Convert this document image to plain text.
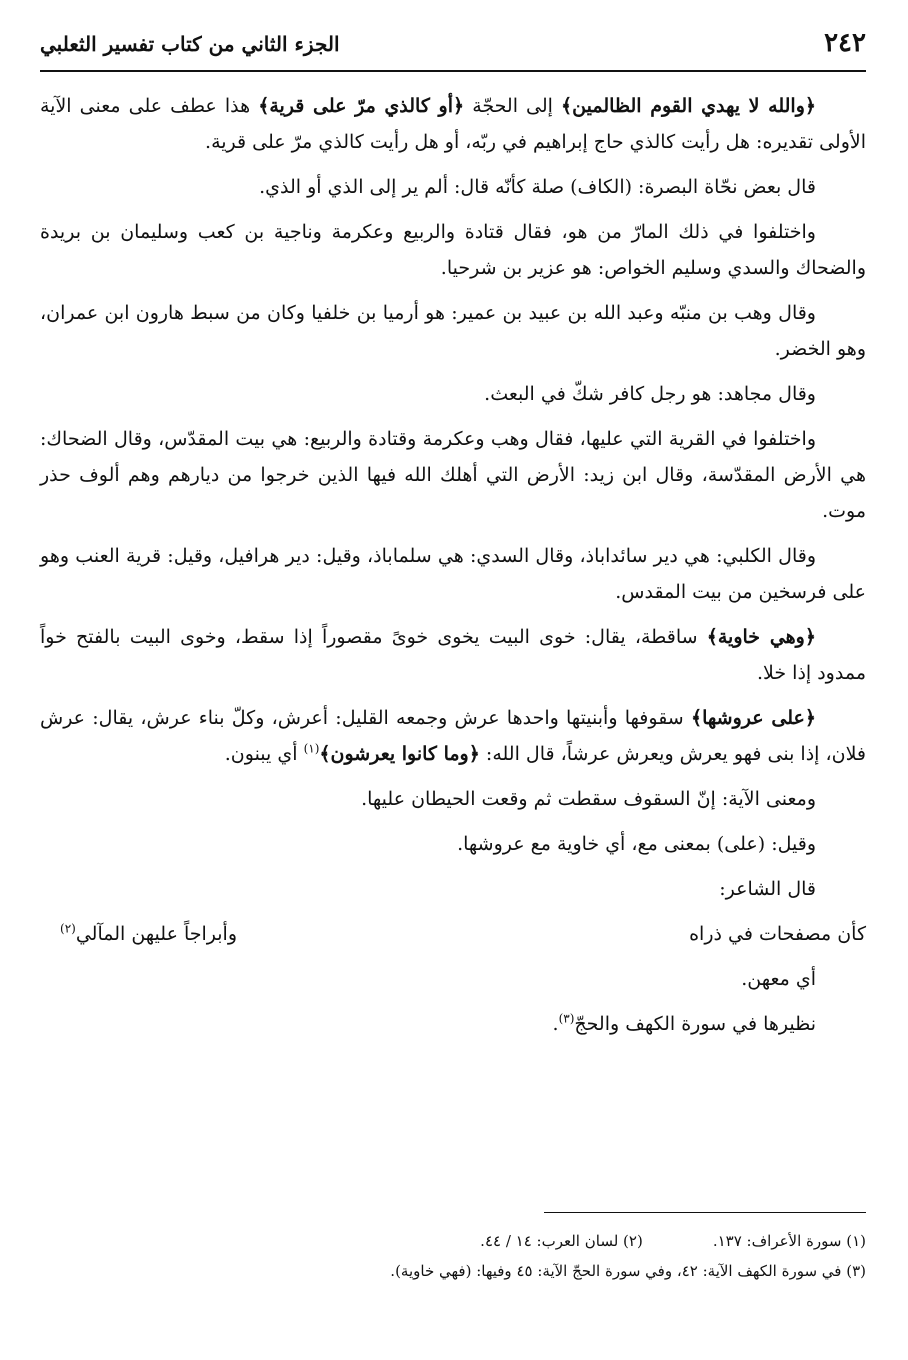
٢٤٢
الجزء الثاني من كتاب تفسير الثعلبي

﴿والله لا يهدي القوم الظالمين﴾ إلى الحجّة ﴿أو كالذي مرّ على قرية﴾ هذا عطف على معنى الآية الأولى تقديره: هل رأيت كالذي حاج إبراهيم في ربّه، أو هل رأيت كالذي مرّ على قرية.

قال بعض نحّاة البصرة: (الكاف) صلة كأنّه قال: ألم ير إلى الذي أو الذي.

واختلفوا في ذلك المارّ من هو، فقال قتادة والربيع وعكرمة وناجية بن كعب وسليمان بن بريدة والضحاك والسدي وسليم الخواص: هو عزير بن شرحيا.

وقال وهب بن منبّه وعبد الله بن عبيد بن عمير: هو أرميا بن خلفيا وكان من سبط هارون ابن عمران، وهو الخضر.

وقال مجاهد: هو رجل كافر شكّ في البعث.

واختلفوا في القرية التي عليها، فقال وهب وعكرمة وقتادة والربيع: هي بيت المقدّس، وقال الضحاك: هي الأرض المقدّسة، وقال ابن زيد: الأرض التي أهلك الله فيها الذين خرجوا من ديارهم وهم ألوف حذر موت.

وقال الكلبي: هي دير سائداباذ، وقال السدي: هي سلماباذ، وقيل: دير هرافيل، وقيل: قرية العنب وهو على فرسخين من بيت المقدس.

﴿وهي خاوية﴾ ساقطة، يقال: خوى البيت يخوى خوىً مقصوراً إذا سقط، وخوى البيت بالفتح خواً ممدود إذا خلا.

﴿على عروشها﴾ سقوفها وأبنيتها واحدها عرش وجمعه القليل: أعرش، وكلّ بناء عرش، يقال: عرش فلان، إذا بنى فهو يعرش ويعرش عرشاً، قال الله: ﴿وما كانوا يعرشون﴾$^{(١)}$ أي يبنون.

ومعنى الآية: إنّ السقوف سقطت ثم وقعت الحيطان عليها.

وقيل: (على) بمعنى مع، أي خاوية مع عروشها.

قال الشاعر:

كأن مصفحات في ذراه
وأبراجاً عليهن المآلي$^{(٢)}$

أي معهن.

نظيرها في سورة الكهف والحجّ$^{(٣)}$.

(١) سورة الأعراف: ١٣٧.
(٢) لسان العرب: ١٤ / ٤٤.
(٣) في سورة الكهف الآية: ٤٢، وفي سورة الحجّ الآية: ٤٥ وفيها: (فهي خاوية).
